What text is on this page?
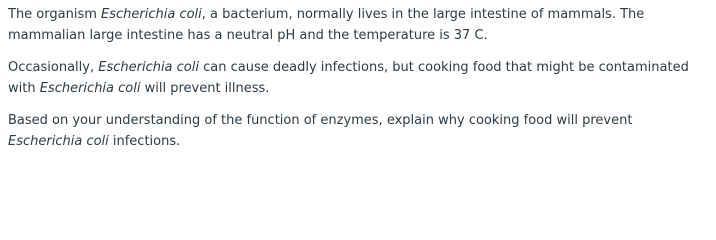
The organism Escherichia coli, a bacterium, normally lives in the large intestine of mammals. The mammalian large intestine has a neutral pH and the temperature is 37 C.

Occasionally, Escherichia coli can cause deadly infections, but cooking food that might be contaminated with Escherichia coli will prevent illness.

Based on your understanding of the function of enzymes, explain why cooking food will prevent Escherichia coli infections.
